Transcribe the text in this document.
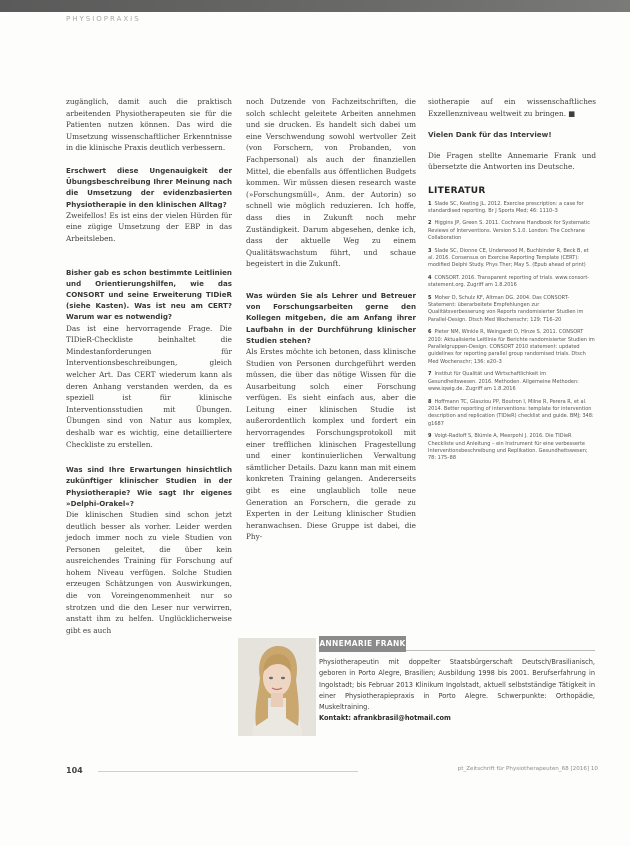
PHYSIOPRAXIS

zugänglich, damit auch die praktisch arbeitenden Physiotherapeuten sie für die Patienten nutzen können. Das wird die Umsetzung wissenschaftlicher Erkenntnisse in die klinische Praxis deutlich verbessern.

Erschwert diese Ungenauigkeit der Übungsbeschreibung Ihrer Meinung nach die Umsetzung der evidenzbasierten Physiotherapie in den klinischen Alltag?

Zweifellos! Es ist eins der vielen Hürden für eine zügige Umsetzung der EBP in das Arbeitsleben.

Bisher gab es schon bestimmte Leitlinien und Orientierungshilfen, wie das CONSORT und seine Erweiterung TIDieR (siehe Kasten). Was ist neu am CERT? Warum war es notwendig?

Das ist eine hervorragende Frage. Die TIDieR-Checkliste beinhaltet die Mindestanforderungen für Interventionsbeschreibungen, gleich welcher Art. Das CERT wiederum kann als deren Anhang verstanden werden, da es speziell ist für klinische Interventionsstudien mit Übungen. Übungen sind von Natur aus komplex, deshalb war es wichtig, eine detailliertere Checkliste zu erstellen.

Was sind Ihre Erwartungen hinsichtlich zukünftiger klinischer Studien in der Physiotherapie? Wie sagt Ihr eigenes »Delphi-Orakel«?

Die klinischen Studien sind schon jetzt deutlich besser als vorher. Leider werden jedoch immer noch zu viele Studien von Personen geleitet, die über kein ausreichendes Training für Forschung auf hohem Niveau verfügen. Solche Studien erzeugen Schätzungen von Auswirkungen, die von Voreingenommenheit nur so strotzen und die den Leser nur verwirren, anstatt ihm zu helfen. Unglücklicherweise gibt es auch

noch Dutzende von Fachzeitschriften, die solch schlecht geleitete Arbeiten annehmen und sie drucken. Es handelt sich dabei um eine Verschwendung sowohl wertvoller Zeit (von Forschern, von Probanden, von Fachpersonal) als auch der finanziellen Mittel, die ebenfalls aus öffentlichen Budgets kommen. Wir müssen diesen research waste (»Forschungsmüll«, Anm. der Autorin) so schnell wie möglich reduzieren. Ich hoffe, dass dies in Zukunft noch mehr Zuständigkeit. Darum abgesehen, denke ich, dass der aktuelle Weg zu einem Qualitätswachstum führt, und schaue begeistert in die Zukunft.

Was würden Sie als Lehrer und Betreuer von Forschungsarbeiten gerne den Kollegen mitgeben, die am Anfang ihrer Laufbahn in der Durchführung klinischer Studien stehen?

Als Erstes möchte ich betonen, dass klinische Studien von Personen durchgeführt werden müssen, die über das nötige Wissen für die Ausarbeitung solch einer Forschung verfügen. Es sieht einfach aus, aber die Leitung einer klinischen Studie ist außerordentlich komplex und fordert ein hervorragendes Forschungsprotokoll mit einer trefflichen klinischen Fragestellung und einer kontinuierlichen Verwaltung sämtlicher Details. Dazu kann man mit einem konkreten Training gelangen. Andererseits gibt es eine unglaublich tolle neue Generation an Forschern, die gerade zu Experten in der Leitung klinischer Studien heranwachsen. Diese Gruppe ist dabei, die Phy-

siotherapie auf ein wissenschaftliches Exzellenzniveau weltweit zu bringen. ■

Vielen Dank für das Interview!

Die Fragen stellte Annemarie Frank und übersetzte die Antworten ins Deutsche.

LITERATUR
1 Slade SC, Keating JL. 2012. Exercise prescription: a case for standardised reporting. Br J Sports Med; 46: 1110–3
2 Higgins JP, Green S. 2011. Cochrane Handbook for Systematic Reviews of Interventions. Version 5.1.0. London: The Cochrane Collaboration
3 Slade SC, Dionne CE, Underwood M, Buchbinder R, Beck B, et al. 2016. Consensus on Exercise Reporting Template (CERT): modified Delphi Study. Phys Ther; May 5. (Epub ahead of print)
4 CONSORT. 2016. Transparent reporting of trials. www.consort-statement.org. Zugriff am 1.8.2016
5 Moher D, Schulz KF, Altman DG. 2004. Das CONSORT-Statement: überarbeitete Empfehlungen zur Qualitätsverbesserung von Reports randomisierter Studien im Parallel-Design. Dtsch Med Wochenschr; 129: T16–20
6 Pieter NM, Winkle R, Weingardt D, Hinze S. 2011. CONSORT 2010: Aktualisierte Leitlinie für Berichte randomisierter Studien im Parallelgruppen-Design. CONSORT 2010 statement: updated guidelines for reporting parallel group randomised trials. Dtsch Med Wochenschr; 136: e20–3
7 Institut für Qualität und Wirtschaftlichkeit im Gesundheitswesen. 2016. Methoden. Allgemeine Methoden: www.iqwig.de. Zugriff am 1.8.2016
8 Hoffmann TC, Glasziou PP, Boutron I, Milne R, Perera R, et al. 2014. Better reporting of interventions: template for intervention description and replication (TIDieR) checklist and guide. BMJ; 348: g1687
9 Voigt-Radloff S, Blümle A, Meerpohl J. 2016. Die TIDieR Checkliste und Anleitung – ein Instrument für eine verbesserte Interventionsbeschreibung und Replikation. Gesundheitswesen; 78: 175–88
ANNEMARIE FRANK
Physiotherapeutin mit doppelter Staatsbürgerschaft Deutsch/Brasilianisch, geboren in Porto Alegre, Brasilien; Ausbildung 1998 bis 2001. Berufserfahrung in Ingolstadt; bis Februar 2013 Klinikum Ingolstadt, aktuell selbstständige Tätigkeit in einer Physiotherapiepraxis in Porto Alegre. Schwerpunkte: Orthopädie, Muskeltraining.
Kontakt: afrankbrasil@hotmail.com
104	pt_Zeitschrift für Physiotherapeuten_68 [2016] 10
